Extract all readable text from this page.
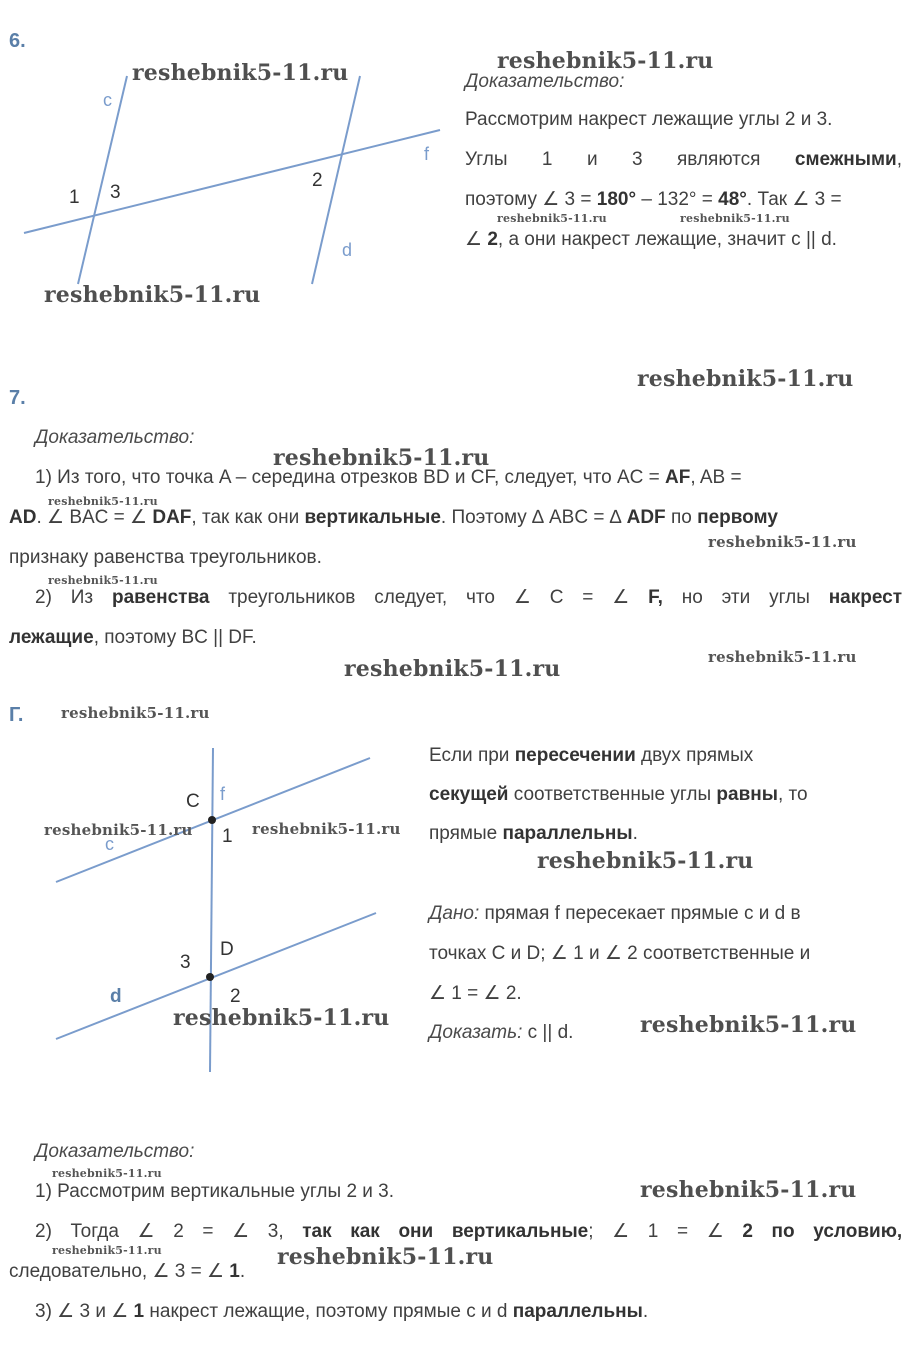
6.
c
f
d
1 3
2
reshebnik5-11.ru
reshebnik5-11.ru
reshebnik5-11.ru
Доказательство:
Рассмотрим накрест лежащие углы 2 и 3.
Углы 1 и 3 являются смежными,
поэтому ∠ 3 = 180° – 132° = 48°. Так ∠ 3 =
reshebnik5-11.ru	reshebnik5-11.ru
∠ 2, а они накрест лежащие, значит с || d.
reshebnik5-11.ru
7.
Доказательство:
reshebnik5-11.ru
1) Из того, что точка A – середина отрезков BD и CF, следует, что AC = AF, AB =
reshebnik5-11.ru
AD. ∠ BAC = ∠ DAF, так как они вертикальные. Поэтому ∆ ABC = ∆ ADF по первому
reshebnik5-11.ru
признаку равенства треугольников.
reshebnik5-11.ru
2) Из равенства треугольников следует, что ∠ C = ∠ F, но эти углы накрест
лежащие, поэтому BC || DF.
reshebnik5-11.ru	reshebnik5-11.ru
Г.	reshebnik5-11.ru
C f
c	1
D
3
d	2
reshebnik5-11.ru	reshebnik5-11.ru
reshebnik5-11.ru
Если при пересечении двух прямых
секущей соответственные углы равны, то
прямые параллельны.
reshebnik5-11.ru
Дано: прямая f пересекает прямые c и d в
точках C и D; ∠ 1 и ∠ 2 соответственные и
∠ 1 = ∠ 2.
Доказать: c || d.	reshebnik5-11.ru
Доказательство:
reshebnik5-11.ru
1) Рассмотрим вертикальные углы 2 и 3.	reshebnik5-11.ru
2) Тогда ∠ 2 = ∠ 3, так как они вертикальные; ∠ 1 = ∠ 2 по условию,
reshebnik5-11.ru
следовательно, ∠ 3 = ∠ 1.
reshebnik5-11.ru
3) ∠ 3 и ∠ 1 накрест лежащие, поэтому прямые c и d параллельны.
